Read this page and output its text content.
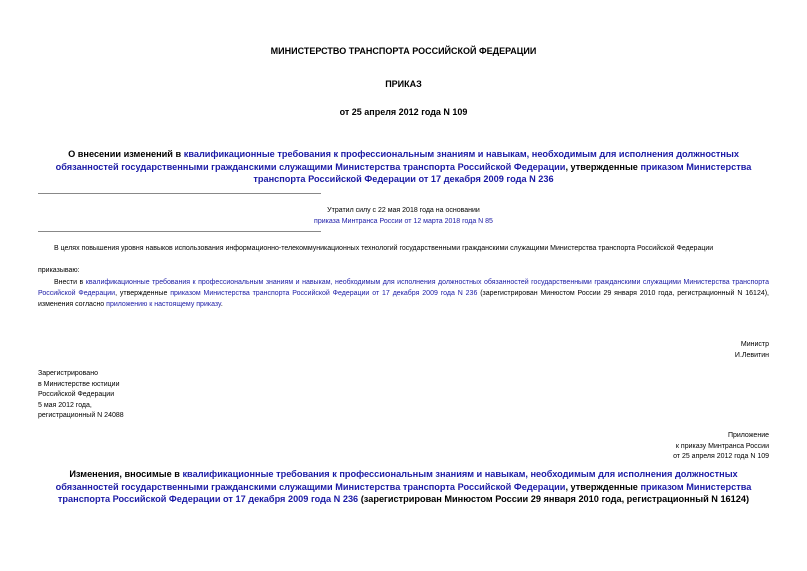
МИНИСТЕРСТВО ТРАНСПОРТА РОССИЙСКОЙ ФЕДЕРАЦИИ
ПРИКАЗ
от 25 апреля 2012 года N 109
О внесении изменений в квалификационные требования к профессиональным знаниям и навыкам, необходимым для исполнения должностных обязанностей государственными гражданскими служащими Министерства транспорта Российской Федерации, утвержденные приказом Министерства транспорта Российской Федерации от 17 декабря 2009 года N 236
Утратил силу с 22 мая 2018 года на основании
приказа Минтранса России от 12 марта 2018 года N 85
В целях повышения уровня навыков использования информационно-телекоммуникационных технологий государственными гражданскими служащими Министерства транспорта Российской Федерации
приказываю:
Внести в квалификационные требования к профессиональным знаниям и навыкам, необходимым для исполнения должностных обязанностей государственными гражданскими служащими Министерства транспорта Российской Федерации, утвержденные приказом Министерства транспорта Российской Федерации от 17 декабря 2009 года N 236 (зарегистрирован Минюстом России 29 января 2010 года, регистрационный N 16124), изменения согласно приложению к настоящему приказу.
Министр
И.Левитин
Зарегистрировано
в Министерстве юстиции
Российской Федерации
5 мая 2012 года,
регистрационный N 24088
Приложение
к приказу Минтранса России
от 25 апреля 2012 года N 109
Изменения, вносимые в квалификационные требования к профессиональным знаниям и навыкам, необходимым для исполнения должностных обязанностей государственными гражданскими служащими Министерства транспорта Российской Федерации, утвержденные приказом Министерства транспорта Российской Федерации от 17 декабря 2009 года N 236 (зарегистрирован Минюстом России 29 января 2010 года, регистрационный N 16124)
